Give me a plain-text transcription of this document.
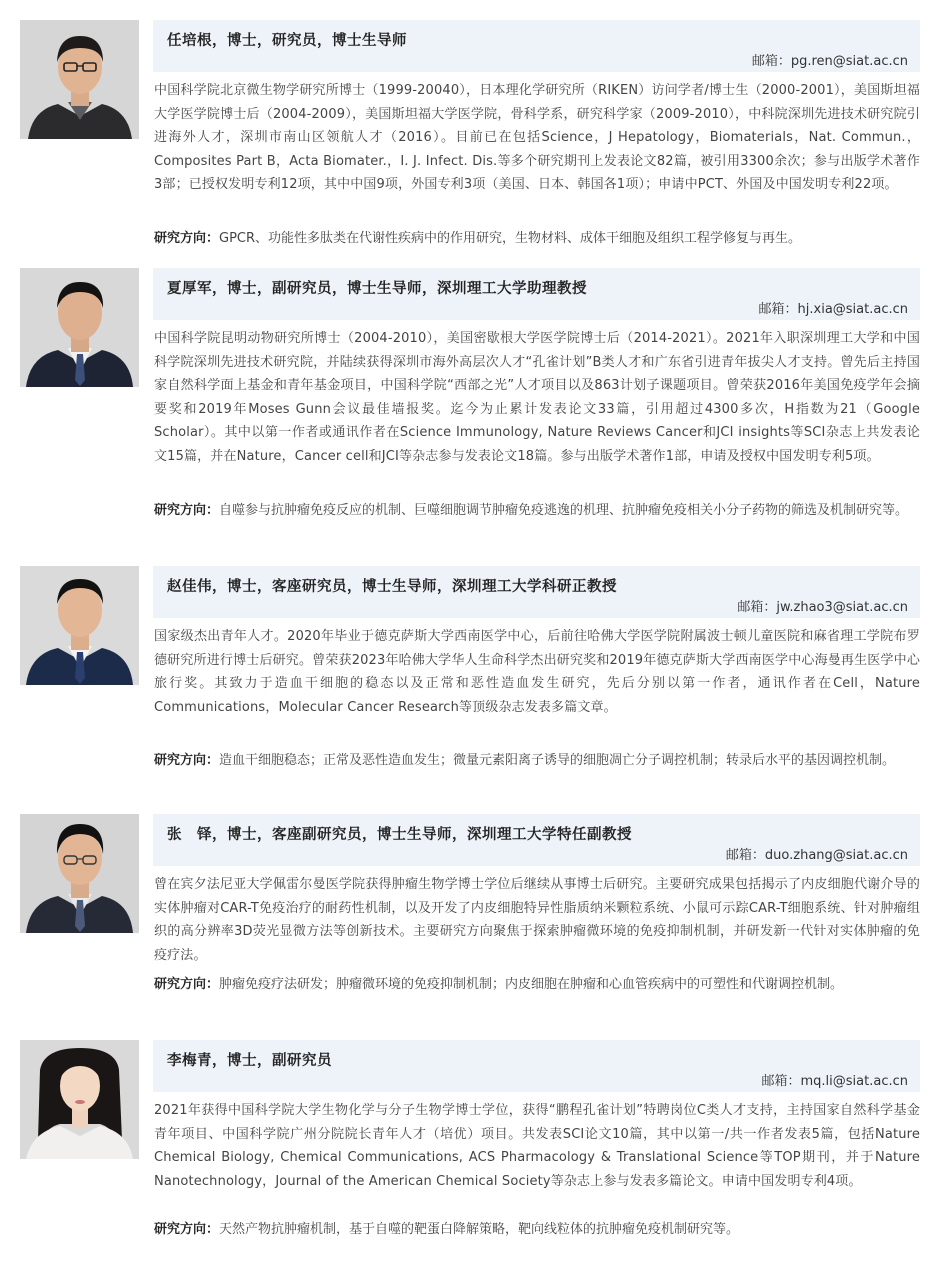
任培根，博士，研究员，博士生导师
邮箱：pg.ren@siat.ac.cn

中国科学院北京微生物学研究所博士（1999-20040），日本理化学研究所（RIKEN）访问学者/博士生（2000-2001），美国斯坦福大学医学院博士后（2004-2009），美国斯坦福大学医学院，骨科学系，研究科学家（2009-2010），中科院深圳先进技术研究院引进海外人才，深圳市南山区领航人才（2016）。目前已在包括Science，J Hepatology，Biomaterials，Nat. Commun.，Composites Part B，Acta Biomater.，I. J. Infect. Dis.等多个研究期刊上发表论文82篇，被引用3300余次；参与出版学术著作3部；已授权发明专利12项，其中中国9项，外国专利3项（美国、日本、韩国各1项）；申请中PCT、外国及中国发明专利22项。

研究方向：GPCR、功能性多肽类在代谢性疾病中的作用研究，生物材料、成体干细胞及组织工程学修复与再生。

夏厚军，博士，副研究员，博士生导师，深圳理工大学助理教授
邮箱：hj.xia@siat.ac.cn

中国科学院昆明动物研究所博士（2004-2010），美国密歇根大学医学院博士后（2014-2021）。2021年入职深圳理工大学和中国科学院深圳先进技术研究院，并陆续获得深圳市海外高层次人才“孔雀计划”B类人才和广东省引进青年拔尖人才支持。曾先后主持国家自然科学面上基金和青年基金项目，中国科学院“西部之光”人才项目以及863计划子课题项目。曾荣获2016年美国免疫学年会摘要奖和2019年Moses Gunn会议最佳墙报奖。迄今为止累计发表论文33篇，引用超过4300多次，H指数为21（Google Scholar）。其中以第一作者或通讯作者在Science Immunology, Nature Reviews Cancer和JCI insights等SCI杂志上共发表论文15篇，并在Nature，Cancer cell和JCI等杂志参与发表论文18篇。参与出版学术著作1部，申请及授权中国发明专利5项。

研究方向：自噬参与抗肿瘤免疫反应的机制、巨噬细胞调节肿瘤免疫逃逸的机理、抗肿瘤免疫相关小分子药物的筛选及机制研究等。

赵佳伟，博士，客座研究员，博士生导师，深圳理工大学科研正教授
邮箱：jw.zhao3@siat.ac.cn

国家级杰出青年人才。2020年毕业于德克萨斯大学西南医学中心，后前往哈佛大学医学院附属波士顿儿童医院和麻省理工学院布罗德研究所进行博士后研究。曾荣获2023年哈佛大学华人生命科学杰出研究奖和2019年德克萨斯大学西南医学中心海曼再生医学中心旅行奖。其致力于造血干细胞的稳态以及正常和恶性造血发生研究，先后分别以第一作者，通讯作者在Cell，Nature Communications，Molecular Cancer Research等顶级杂志发表多篇文章。

研究方向：造血干细胞稳态；正常及恶性造血发生；微量元素阳离子诱导的细胞凋亡分子调控机制；转录后水平的基因调控机制。

张　铎，博士，客座副研究员，博士生导师，深圳理工大学特任副教授
邮箱：duo.zhang@siat.ac.cn

曾在宾夕法尼亚大学佩雷尔曼医学院获得肿瘤生物学博士学位后继续从事博士后研究。主要研究成果包括揭示了内皮细胞代谢介导的实体肿瘤对CAR-T免疫治疗的耐药性机制，以及开发了内皮细胞特异性脂质纳米颗粒系统、小鼠可示踪CAR-T细胞系统、针对肿瘤组织的高分辨率3D荧光显微方法等创新技术。主要研究方向聚焦于探索肿瘤微环境的免疫抑制机制，并研发新一代针对实体肿瘤的免疫疗法。

研究方向：肿瘤免疫疗法研发；肿瘤微环境的免疫抑制机制；内皮细胞在肿瘤和心血管疾病中的可塑性和代谢调控机制。

李梅青，博士，副研究员
邮箱：mq.li@siat.ac.cn

2021年获得中国科学院大学生物化学与分子生物学博士学位，获得“鹏程孔雀计划”特聘岗位C类人才支持，主持国家自然科学基金青年项目、中国科学院广州分院院长青年人才（培优）项目。共发表SCI论文10篇，其中以第一/共一作者发表5篇，包括Nature Chemical Biology, Chemical Communications, ACS Pharmacology & Translational Science等TOP期刊，并于Nature Nanotechnology，Journal of the American Chemical Society等杂志上参与发表多篇论文。申请中国发明专利4项。

研究方向：天然产物抗肿瘤机制，基于自噬的靶蛋白降解策略，靶向线粒体的抗肿瘤免疫机制研究等。
